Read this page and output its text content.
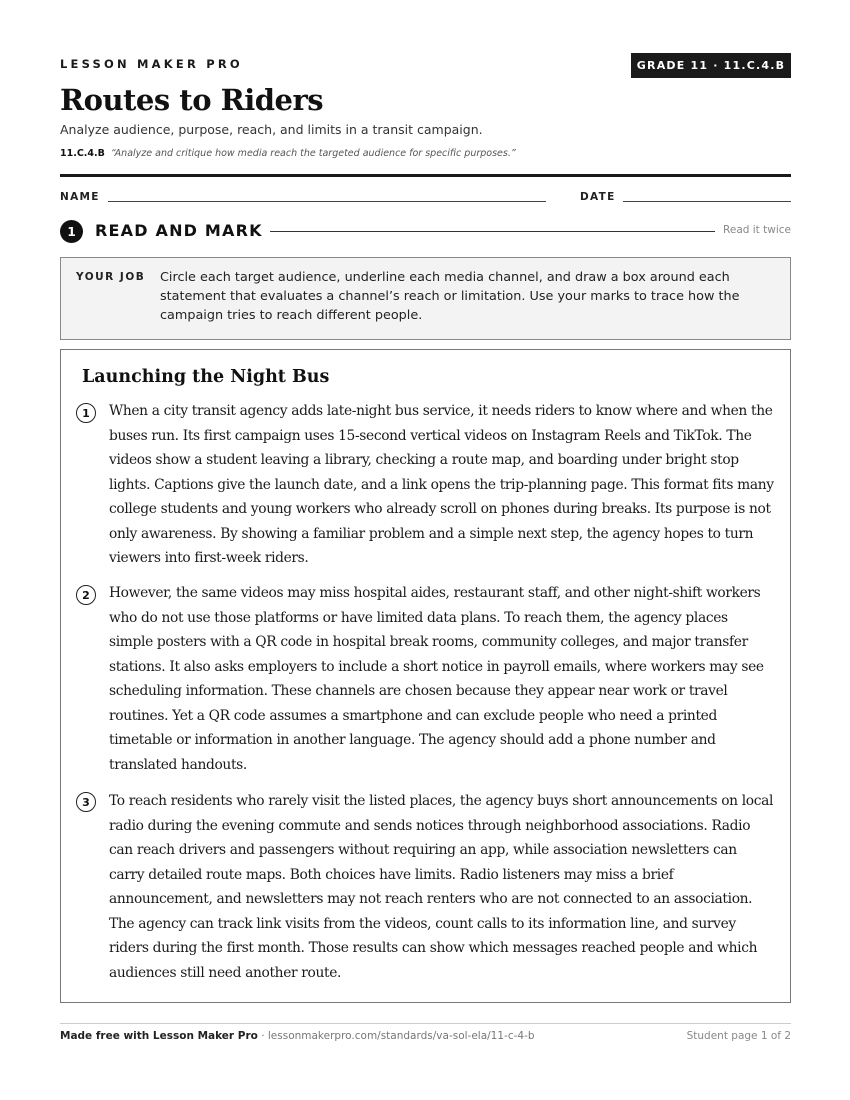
LESSON MAKER PRO	GRADE 11 · 11.C.4.B
Routes to Riders
Analyze audience, purpose, reach, and limits in a transit campaign.
11.C.4.B “Analyze and critique how media reach the targeted audience for specific purposes.”
NAME	DATE
1	READ AND MARK	Read it twice
YOUR JOB Circle each target audience, underline each media channel, and draw a box around each statement that evaluates a channel’s reach or limitation. Use your marks to trace how the campaign tries to reach different people.
Launching the Night Bus
1	When a city transit agency adds late-night bus service, it needs riders to know where and when the buses run. Its first campaign uses 15-second vertical videos on Instagram Reels and TikTok. The videos show a student leaving a library, checking a route map, and boarding under bright stop lights. Captions give the launch date, and a link opens the trip-planning page. This format fits many college students and young workers who already scroll on phones during breaks. Its purpose is not only awareness. By showing a familiar problem and a simple next step, the agency hopes to turn viewers into first-week riders.

2	However, the same videos may miss hospital aides, restaurant staff, and other night-shift workers who do not use those platforms or have limited data plans. To reach them, the agency places simple posters with a QR code in hospital break rooms, community colleges, and major transfer stations. It also asks employers to include a short notice in payroll emails, where workers may see scheduling information. These channels are chosen because they appear near work or travel routines. Yet a QR code assumes a smartphone and can exclude people who need a printed timetable or information in another language. The agency should add a phone number and translated handouts.

3	To reach residents who rarely visit the listed places, the agency buys short announcements on local radio during the evening commute and sends notices through neighborhood associations. Radio can reach drivers and passengers without requiring an app, while association newsletters can carry detailed route maps. Both choices have limits. Radio listeners may miss a brief announcement, and newsletters may not reach renters who are not connected to an association. The agency can track link visits from the videos, count calls to its information line, and survey riders during the first month. Those results can show which messages reached people and which audiences still need another route.

Made free with Lesson Maker Pro · lessonmakerpro.com/standards/va-sol-ela/11-c-4-b	Student page 1 of 2
